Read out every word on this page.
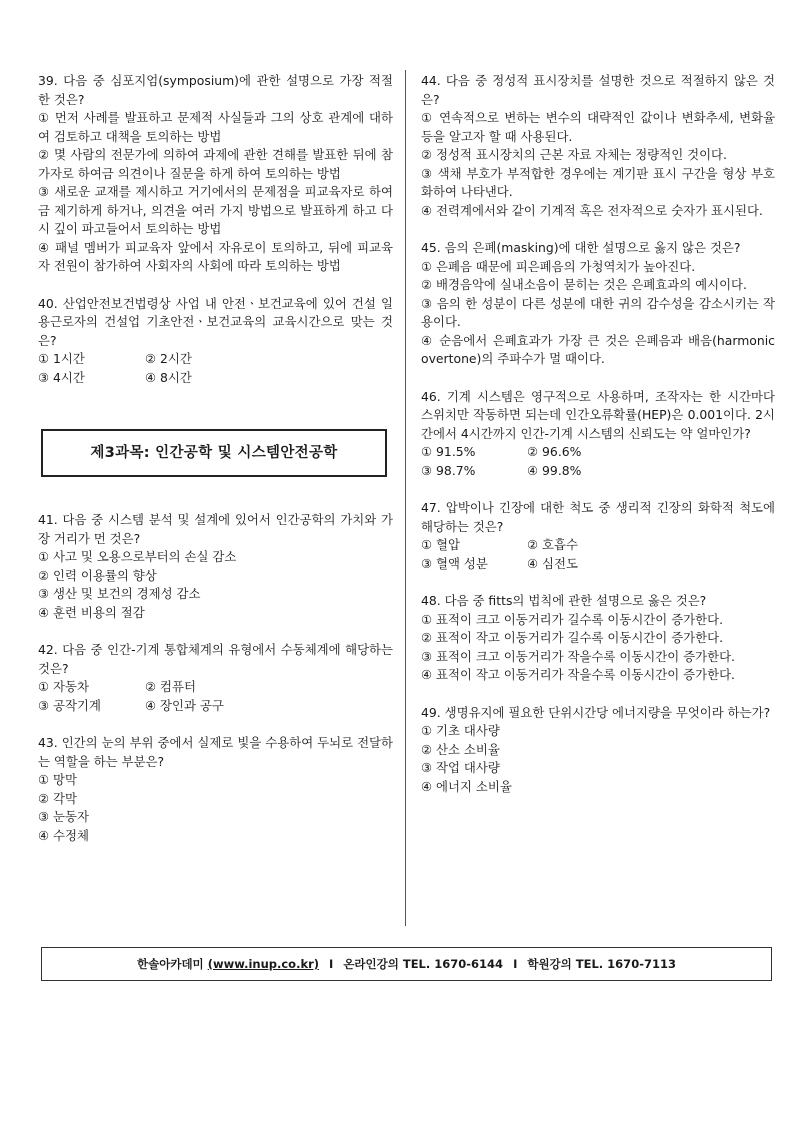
39. 다음 중 심포지엄(symposium)에 관한 설명으로 가장 적절한 것은?

① 먼저 사례를 발표하고 문제적 사실들과 그의 상호 관계에 대하여 검토하고 대책을 토의하는 방법

② 몇 사람의 전문가에 의하여 과제에 관한 견해를 발표한 뒤에 참가자로 하여금 의견이나 질문을 하게 하여 토의하는 방법

③ 새로운 교재를 제시하고 거기에서의 문제점을 피교육자로 하여금 제기하게 하거나, 의견을 여러 가지 방법으로 발표하게 하고 다시 깊이 파고들어서 토의하는 방법

④ 패널 멤버가 피교육자 앞에서 자유로이 토의하고, 뒤에 피교육자 전원이 참가하여 사회자의 사회에 따라 토의하는 방법

40. 산업안전보건법령상 사업 내 안전ㆍ보건교육에 있어 건설 일용근로자의 건설업 기초안전ㆍ보건교육의 교육시간으로 맞는 것은?

① 1시간	② 2시간
③ 4시간	④ 8시간
제3과목: 인간공학 및 시스템안전공학

41. 다음 중 시스템 분석 및 설계에 있어서 인간공학의 가치와 가장 거리가 먼 것은?

① 사고 및 오용으로부터의 손실 감소

② 인력 이용률의 향상

③ 생산 및 보건의 경제성 감소

④ 훈련 비용의 절감

42. 다음 중 인간-기계 통합체계의 유형에서 수동체계에 해당하는 것은?

① 자동차	② 컴퓨터
③ 공작기계	④ 장인과 공구

43. 인간의 눈의 부위 중에서 실제로 빛을 수용하여 두뇌로 전달하는 역할을 하는 부분은?

① 망막

② 각막

③ 눈동자

④ 수정체

44. 다음 중 정성적 표시장치를 설명한 것으로 적절하지 않은 것은?

① 연속적으로 변하는 변수의 대략적인 값이나 변화추세, 변화율 등을 알고자 할 때 사용된다.

② 정성적 표시장치의 근본 자료 자체는 정량적인 것이다.

③ 색채 부호가 부적합한 경우에는 계기판 표시 구간을 형상 부호화하여 나타낸다.

④ 전력계에서와 같이 기계적 혹은 전자적으로 숫자가 표시된다.

45. 음의 은폐(masking)에 대한 설명으로 옳지 않은 것은?

① 은폐음 때문에 피은폐음의 가청역치가 높아진다.

② 배경음악에 실내소음이 묻히는 것은 은폐효과의 예시이다.

③ 음의 한 성분이 다른 성분에 대한 귀의 감수성을 감소시키는 작용이다.

④ 순음에서 은폐효과가 가장 큰 것은 은폐음과 배음(harmonic overtone)의 주파수가 멀 때이다.

46. 기계 시스템은 영구적으로 사용하며, 조작자는 한 시간마다 스위치만 작동하면 되는데 인간오류확률(HEP)은 0.001이다. 2시간에서 4시간까지 인간-기계 시스템의 신뢰도는 약 얼마인가?

① 91.5%	② 96.6%
③ 98.7%	④ 99.8%

47. 압박이나 긴장에 대한 척도 중 생리적 긴장의 화학적 척도에 해당하는 것은?

① 혈압	② 호흡수
③ 혈액 성분	④ 심전도

48. 다음 중 fitts의 법칙에 관한 설명으로 옳은 것은?

① 표적이 크고 이동거리가 길수록 이동시간이 증가한다.

② 표적이 작고 이동거리가 길수록 이동시간이 증가한다.

③ 표적이 크고 이동거리가 작을수록 이동시간이 증가한다.

④ 표적이 작고 이동거리가 작을수록 이동시간이 증가한다.

49. 생명유지에 필요한 단위시간당 에너지량을 무엇이라 하는가?

① 기초 대사량

② 산소 소비율

③ 작업 대사량

④ 에너지 소비율

한솔아카데미
(www.inup.co.kr) I 온라인강의 TEL. 1670-6144 I 학원강의 TEL. 1670-7113
